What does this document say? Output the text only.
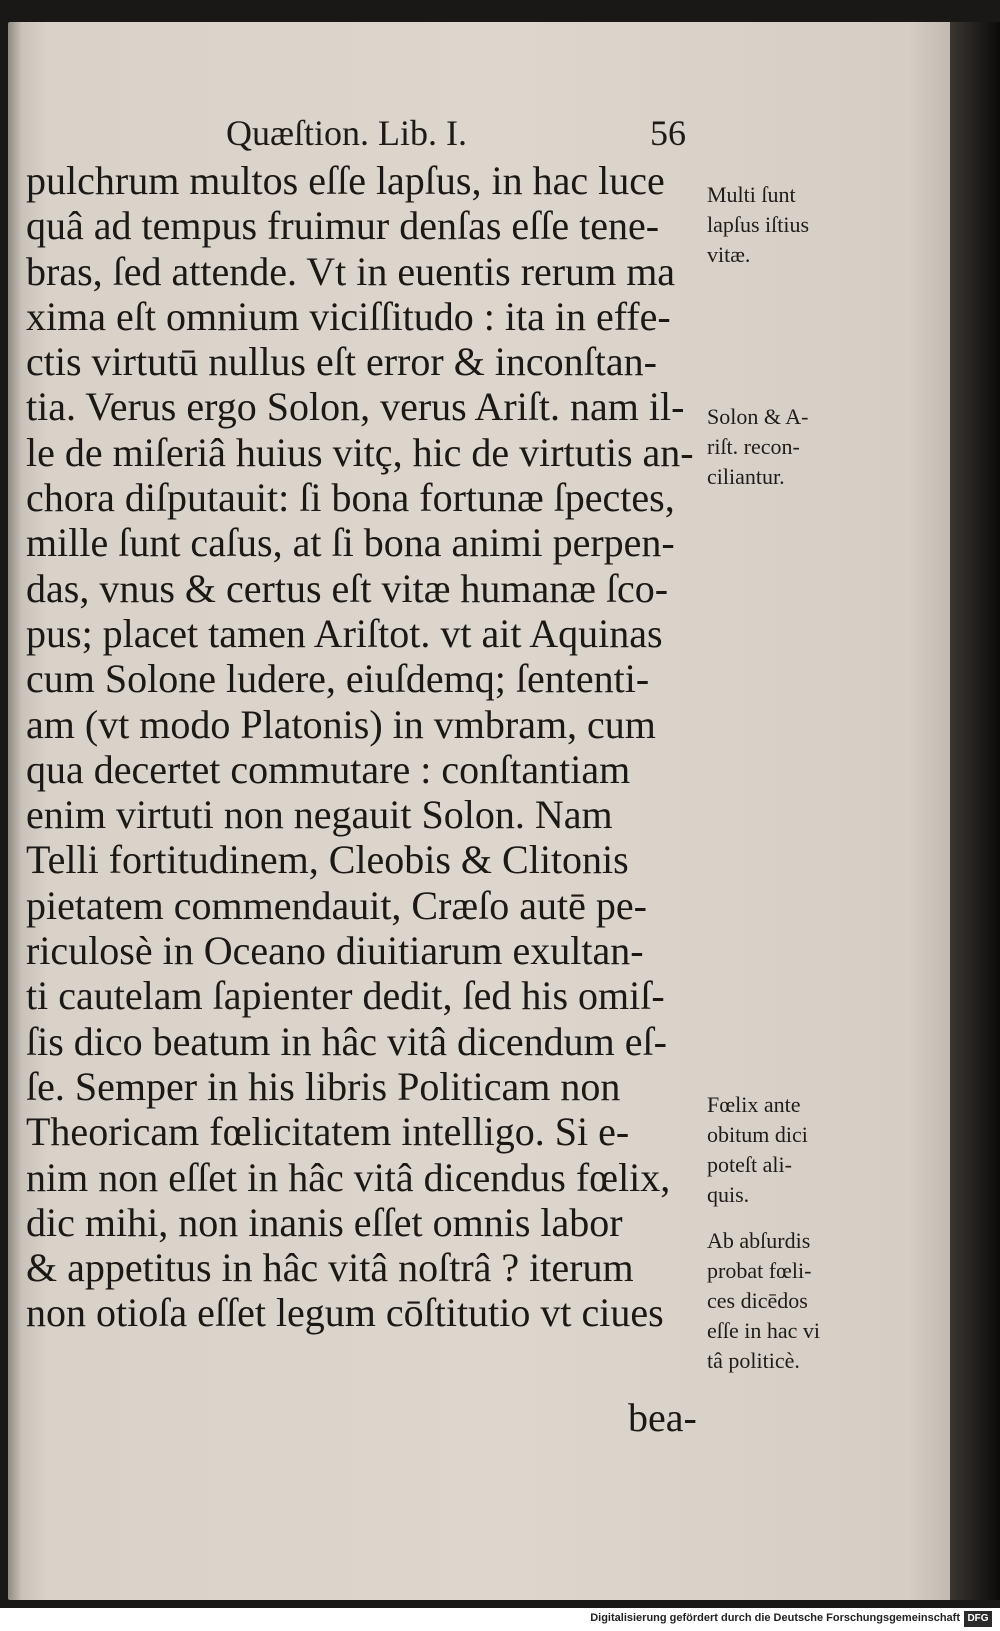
Quæſtion. Lib. I.	56
pulchrum multos eſſe lapſus, in hac luce
quâ ad tempus fruimur denſas eſſe tene-
bras, ſed attende. Vt in euentis rerum ma
xima eſt omnium viciſſitudo : ita in effe-
ctis virtutū nullus eſt error & inconſtan-
tia. Verus ergo Solon, verus Ariſt. nam il-
le de miſeriâ huius vitç, hic de virtutis an-
chora diſputauit: ſi bona fortunæ ſpectes,
mille ſunt caſus, at ſi bona animi perpen-
das, vnus & certus eſt vitæ humanæ ſco-
pus; placet tamen Ariſtot. vt ait Aquinas
cum Solone ludere, eiuſdemq; ſententi-
am (vt modo Platonis) in vmbram, cum
qua decertet commutare : conſtantiam
enim virtuti non negauit Solon. Nam
Telli fortitudinem, Cleobis & Clitonis
pietatem commendauit, Cræſo autē pe-
riculosè in Oceano diuitiarum exultan-
ti cautelam ſapienter dedit, ſed his omiſ-
ſis dico beatum in hâc vitâ dicendum eſ-
ſe. Semper in his libris Politicam non
Theoricam fœlicitatem intelligo. Si e-
nim non eſſet in hâc vitâ dicendus fœlix,
dic mihi, non inanis eſſet omnis labor
& appetitus in hâc vitâ noſtrâ ? iterum
non otioſa eſſet legum cōſtitutio vt ciues
bea-
Multi ſunt
lapſus iſtius
vitæ.
Solon & A-
riſt. recon-
ciliantur.
Fœlix ante
obitum dici
poteſt ali-
quis.
Ab abſurdis
probat fœli-
ces dicēdos
eſſe in hac vi
tâ politicè.
Digitalisierung gefördert durch die Deutsche Forschungsgemeinschaft DFG
